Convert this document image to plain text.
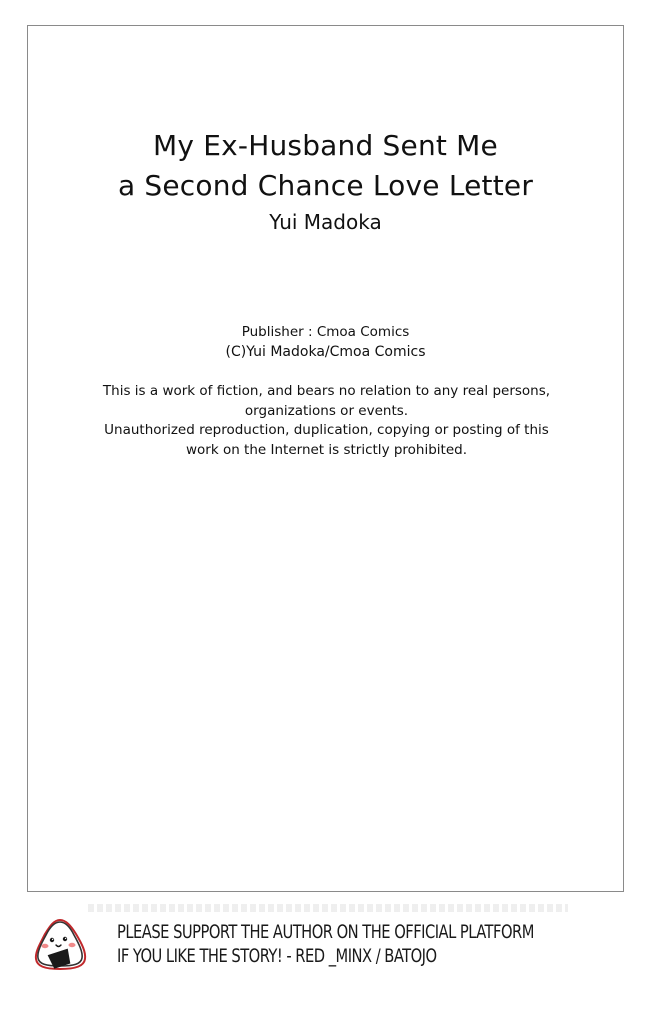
My Ex-Husband Sent Me
a Second Chance Love Letter
Yui Madoka
Publisher : Cmoa Comics
(C)Yui Madoka/Cmoa Comics
This is a work of fiction, and bears no relation to any real persons,
organizations or events.
Unauthorized reproduction, duplication, copying or posting of this
work on the Internet is strictly prohibited.
PLEASE SUPPORT THE AUTHOR ON THE OFFICIAL PLATFORM
IF YOU LIKE THE STORY! - RED _MINX / BATOJO
